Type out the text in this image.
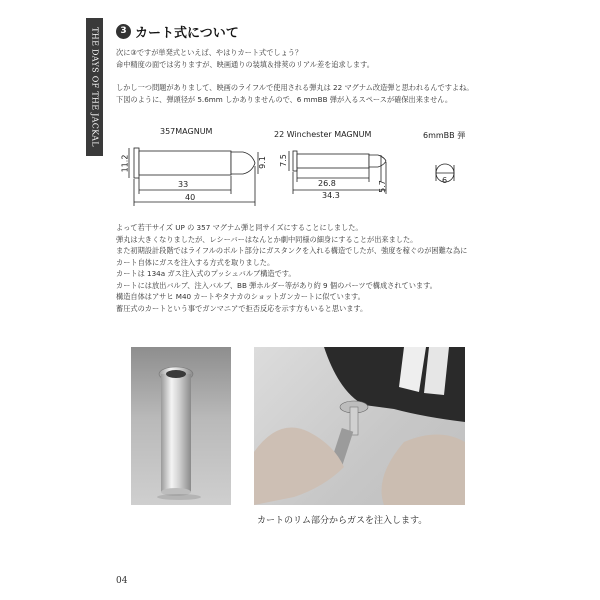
THE DAYS OF THE JACKAL	3 カート式について
次に③ですが単発式といえば、やはりカート式でしょう？
命中精度の面では劣りますが、映画通りの装填＆排莢のリアル差を追求します。
しかし一つ問題がありまして、映画のライフルで使用される弾丸は 22 マグナム改造弾と思われるんですよね。
下図のように、弾頭径が 5.6mm しかありませんので、6 mmBB 弾が入るスペースが確保出来ません。
357MAGNUM
11.2	9.1
33
40
22 Winchester MAGNUM
7.5
26.8
34.3
5.7
6mmBB 弾
6
よって若干サイズ UP の 357 マグナム弾と同サイズにすることにしました。
弾丸は大きくなりましたが、レシーバーはなんとか劇中同様の細身にすることが出来ました。
また初期設計段階ではライフルのボルト部分にガスタンクを入れる構造でしたが、強度を稼ぐのが困難な為に
カート自体にガスを注入する方式を取りました。
カートは 134a ガス注入式のプッシュバルブ構造です。
カートには放出バルブ、注入バルブ、BB 弾ホルダー等があり約 9 個のパーツで構成されています。
構造自体はアサヒ M40 カートやタナカのショットガンカートに似ています。
蓄圧式のカートという事でガンマニアで拒否反応を示す方もいると思います。
カートのリム部分からガスを注入します。
04
